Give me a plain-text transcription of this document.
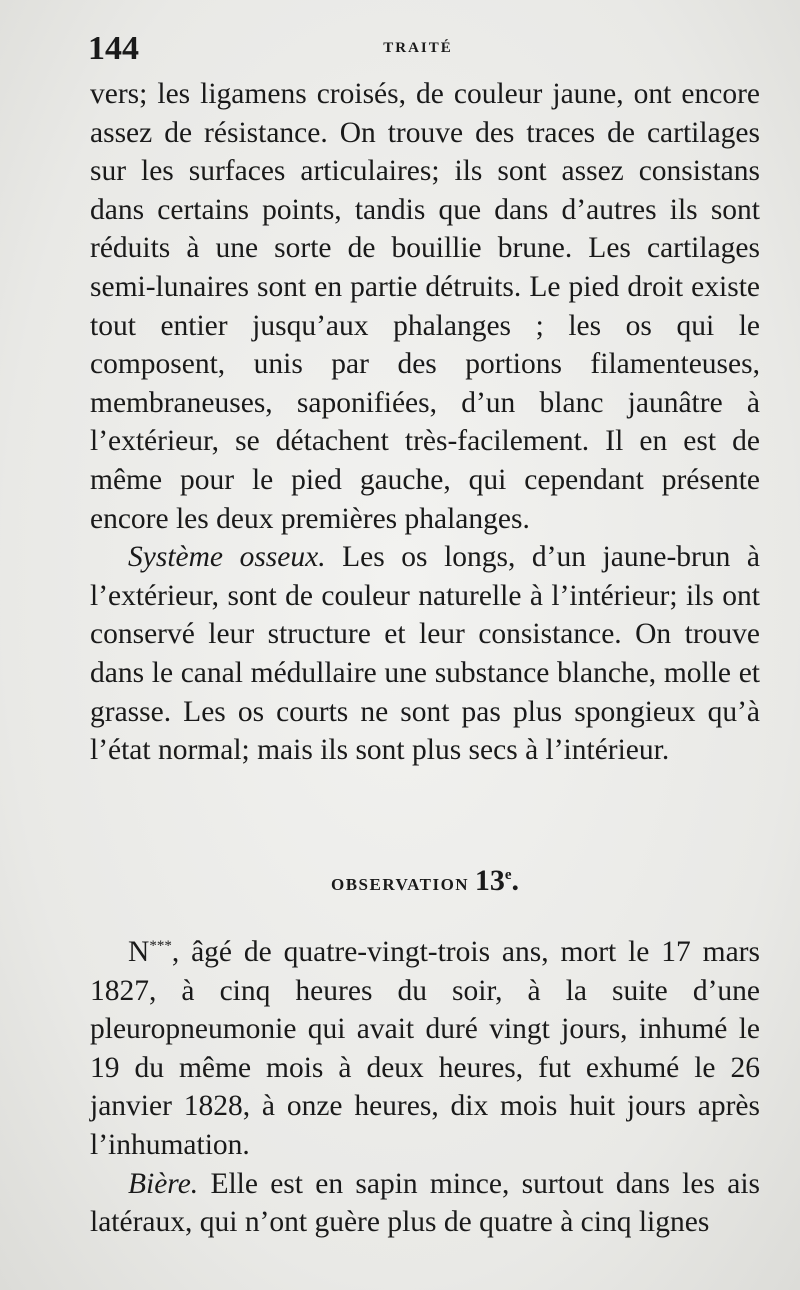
144	TRAITÉ

vers; les ligamens croisés, de couleur jaune, ont encore assez de résistance. On trouve des traces de cartilages sur les surfaces articulaires; ils sont assez consistans dans certains points, tandis que dans d’autres ils sont réduits à une sorte de bouillie brune. Les cartilages semi-lunaires sont en partie détruits. Le pied droit existe tout entier jusqu’aux phalanges ; les os qui le composent, unis par des portions filamenteuses, membraneuses, saponifiées, d’un blanc jaunâtre à l’extérieur, se détachent très-facilement. Il en est de même pour le pied gauche, qui cependant présente encore les deux premières phalanges.

Système osseux. Les os longs, d’un jaune-brun à l’extérieur, sont de couleur naturelle à l’intérieur; ils ont conservé leur structure et leur consistance. On trouve dans le canal médullaire une substance blanche, molle et grasse. Les os courts ne sont pas plus spongieux qu’à l’état normal; mais ils sont plus secs à l’intérieur.

OBSERVATION 13e.

N***, âgé de quatre-vingt-trois ans, mort le 17 mars 1827, à cinq heures du soir, à la suite d’une pleuropneumonie qui avait duré vingt jours, inhumé le 19 du même mois à deux heures, fut exhumé le 26 janvier 1828, à onze heures, dix mois huit jours après l’inhumation.

Bière. Elle est en sapin mince, surtout dans les ais latéraux, qui n’ont guère plus de quatre à cinq lignes
